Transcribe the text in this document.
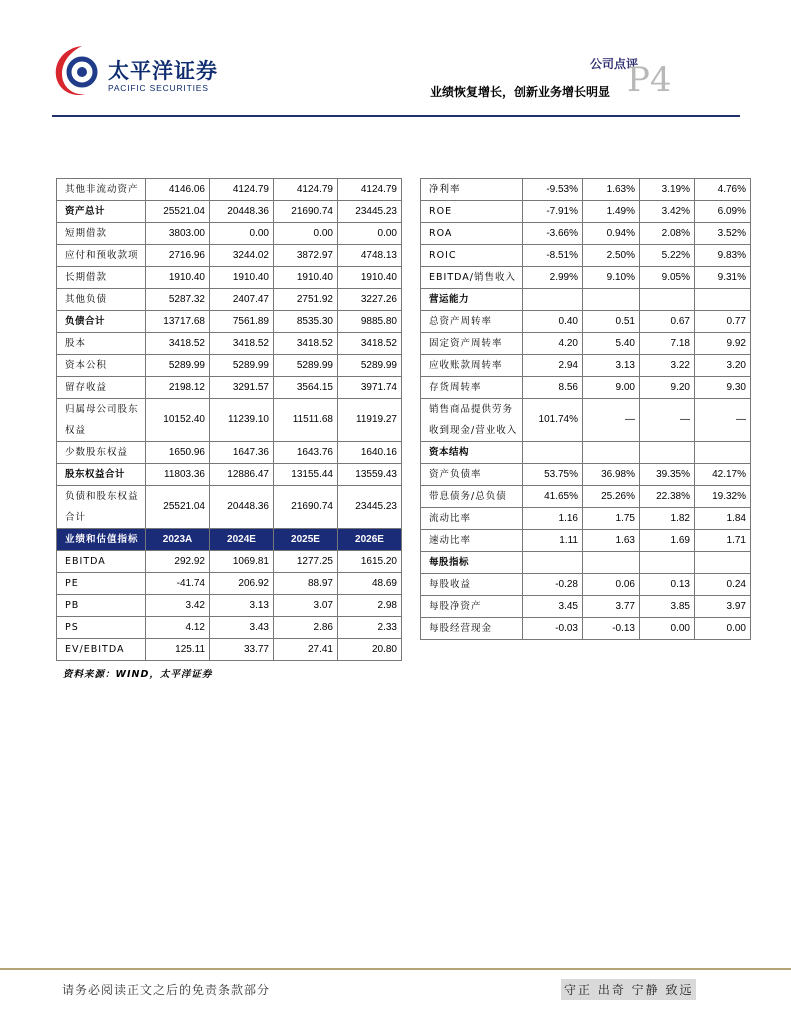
太平洋证券
PACIFIC SECURITIES
公司点评
业绩恢复增长，创新业务增长明显 P4
其他非流动资产	4146.06	4124.79	4124.79	4124.79
资产总计	25521.04	20448.36	21690.74	23445.23
短期借款	3803.00	0.00	0.00	0.00
应付和预收款项	2716.96	3244.02	3872.97	4748.13
长期借款	1910.40	1910.40	1910.40	1910.40
其他负债	5287.32	2407.47	2751.92	3227.26
负债合计	13717.68	7561.89	8535.30	9885.80
股本	3418.52	3418.52	3418.52	3418.52
资本公积	5289.99	5289.99	5289.99	5289.99
留存收益	2198.12	3291.57	3564.15	3971.74
归属母公司股东权益	10152.40	11239.10	11511.68	11919.27
少数股东权益	1650.96	1647.36	1643.76	1640.16
股东权益合计	11803.36	12886.47	13155.44	13559.43
负债和股东权益合计	25521.04	20448.36	21690.74	23445.23
业绩和估值指标	2023A	2024E	2025E	2026E
EBITDA	292.92	1069.81	1277.25	1615.20
PE	-41.74	206.92	88.97	48.69
PB	3.42	3.13	3.07	2.98
PS	4.12	3.43	2.86	2.33
EV/EBITDA	125.11	33.77	27.41	20.80
净利率	-9.53%	1.63%	3.19%	4.76%
ROE	-7.91%	1.49%	3.42%	6.09%
ROA	-3.66%	0.94%	2.08%	3.52%
ROIC	-8.51%	2.50%	5.22%	9.83%
EBITDA/销售收入	2.99%	9.10%	9.05%	9.31%
营运能力				
总资产周转率	0.40	0.51	0.67	0.77
固定资产周转率	4.20	5.40	7.18	9.92
应收账款周转率	2.94	3.13	3.22	3.20
存货周转率	8.56	9.00	9.20	9.30
销售商品提供劳务收到现金/营业收入	101.74%	—	—	—
资本结构				
资产负债率	53.75%	36.98%	39.35%	42.17%
带息债务/总负债	41.65%	25.26%	22.38%	19.32%
流动比率	1.16	1.75	1.82	1.84
速动比率	1.11	1.63	1.69	1.71
每股指标				
每股收益	-0.28	0.06	0.13	0.24
每股净资产	3.45	3.77	3.85	3.97
每股经营现金	-0.03	-0.13	0.00	0.00
资料来源：WIND，太平洋证券
请务必阅读正文之后的免责条款部分	守正 出奇 宁静 致远
